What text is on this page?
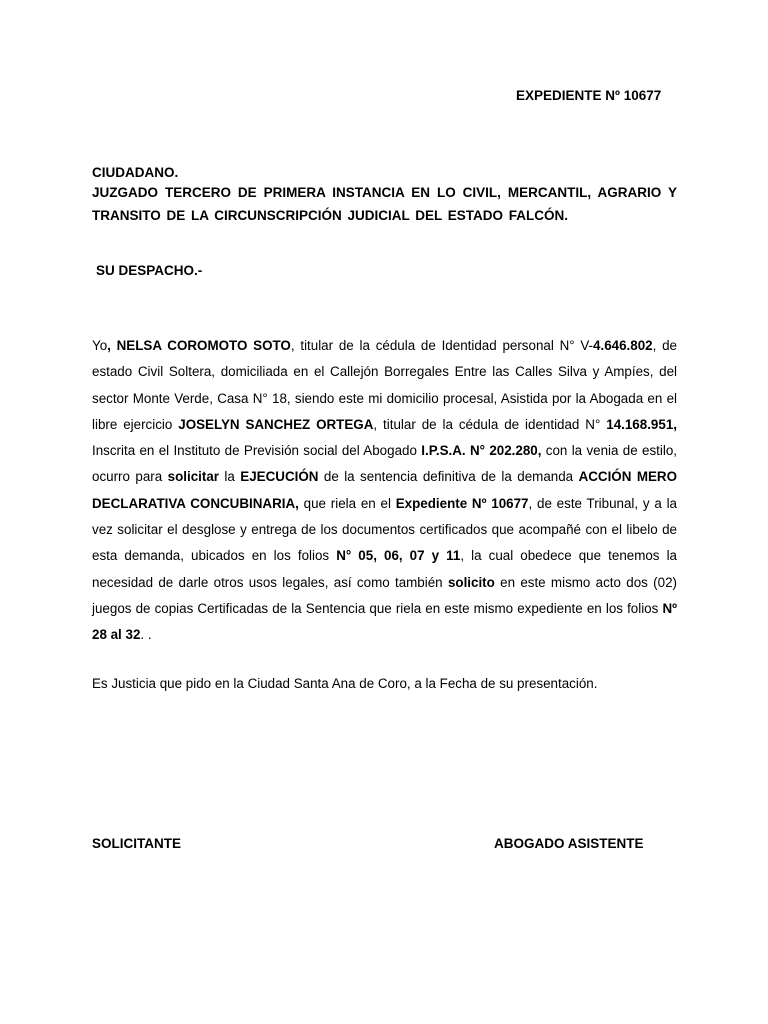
EXPEDIENTE Nº 10677
CIUDADANO.
JUZGADO TERCERO DE PRIMERA INSTANCIA EN LO CIVIL, MERCANTIL, AGRARIO Y TRANSITO DE LA CIRCUNSCRIPCIÓN JUDICIAL DEL ESTADO FALCÓN.
SU DESPACHO.-
Yo, NELSA COROMOTO SOTO, titular de la cédula de Identidad personal N° V-4.646.802, de estado Civil Soltera, domiciliada en el Callejón Borregales Entre las Calles Silva y Ampíes, del sector Monte Verde, Casa N° 18, siendo este mi domicilio procesal, Asistida por la Abogada en el libre ejercicio JOSELYN SANCHEZ ORTEGA, titular de la cédula de identidad N° 14.168.951, Inscrita en el Instituto de Previsión social del Abogado I.P.S.A. N° 202.280, con la venia de estilo, ocurro para solicitar la EJECUCIÓN de la sentencia definitiva de la demanda ACCIÓN MERO DECLARATIVA CONCUBINARIA, que riela en el Expediente Nº 10677, de este Tribunal, y a la vez solicitar el desglose y entrega de los documentos certificados que acompañé con el libelo de esta demanda, ubicados en los folios N° 05, 06, 07 y 11, la cual obedece que tenemos la necesidad de darle otros usos legales, así como también solicito en este mismo acto dos (02) juegos de copias Certificadas de la Sentencia que riela en este mismo expediente en los folios Nº 28 al 32. .
Es Justicia que pido en la Ciudad Santa Ana de Coro, a la Fecha de su presentación.
SOLICITANTE	ABOGADO ASISTENTE
